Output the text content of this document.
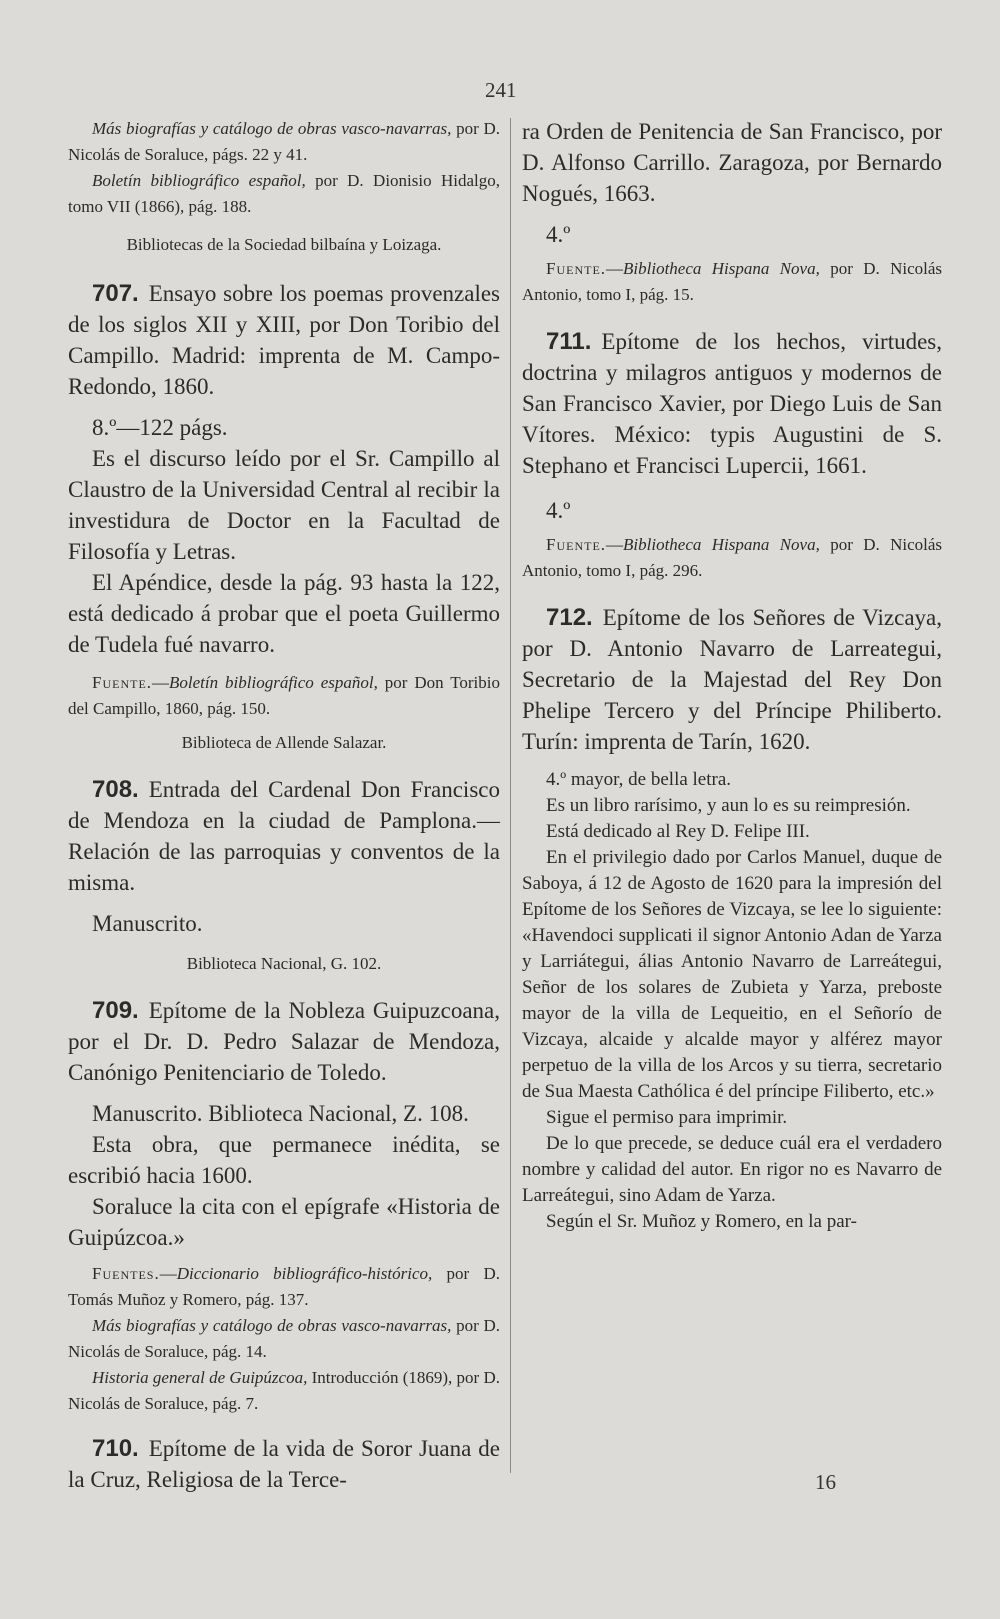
241

Más biografías y catálogo de obras vasco-navarras, por D. Nicolás de Soraluce, págs. 22 y 41.

Boletín bibliográfico español, por D. Dionisio Hidalgo, tomo VII (1866), pág. 188.

Bibliotecas de la Sociedad bilbaína y Loizaga.

707. Ensayo sobre los poemas provenzales de los siglos XII y XIII, por Don Toribio del Campillo. Madrid: imprenta de M. Campo-Redondo, 1860.

8.º—122 págs.

Es el discurso leído por el Sr. Campillo al Claustro de la Universidad Central al recibir la investidura de Doctor en la Facultad de Filosofía y Letras.

El Apéndice, desde la pág. 93 hasta la 122, está dedicado á probar que el poeta Guillermo de Tudela fué navarro.

Fuente.—Boletín bibliográfico español, por Don Toribio del Campillo, 1860, pág. 150.

Biblioteca de Allende Salazar.

708. Entrada del Cardenal Don Francisco de Mendoza en la ciudad de Pamplona.—Relación de las parroquias y conventos de la misma.

Manuscrito.

Biblioteca Nacional, G. 102.

709. Epítome de la Nobleza Guipuzcoana, por el Dr. D. Pedro Salazar de Mendoza, Canónigo Penitenciario de Toledo.

Manuscrito. Biblioteca Nacional, Z. 108.

Esta obra, que permanece inédita, se escribió hacia 1600.

Soraluce la cita con el epígrafe «Historia de Guipúzcoa.»

Fuentes.—Diccionario bibliográfico-histórico, por D. Tomás Muñoz y Romero, pág. 137.

Más biografías y catálogo de obras vasco-navarras, por D. Nicolás de Soraluce, pág. 14.

Historia general de Guipúzcoa, Introducción (1869), por D. Nicolás de Soraluce, pág. 7.

710. Epítome de la vida de Soror Juana de la Cruz, Religiosa de la Terce-

ra Orden de Penitencia de San Francisco, por D. Alfonso Carrillo. Zaragoza, por Bernardo Nogués, 1663.

4.º

Fuente.—Bibliotheca Hispana Nova, por D. Nicolás Antonio, tomo I, pág. 15.

711. Epítome de los hechos, virtudes, doctrina y milagros antiguos y modernos de San Francisco Xavier, por Diego Luis de San Vítores. México: typis Augustini de S. Stephano et Francisci Lupercii, 1661.

4.º

Fuente.—Bibliotheca Hispana Nova, por D. Nicolás Antonio, tomo I, pág. 296.

712. Epítome de los Señores de Vizcaya, por D. Antonio Navarro de Larreategui, Secretario de la Majestad del Rey Don Phelipe Tercero y del Príncipe Philiberto. Turín: imprenta de Tarín, 1620.

4.º mayor, de bella letra.

Es un libro rarísimo, y aun lo es su reimpresión.

Está dedicado al Rey D. Felipe III.

En el privilegio dado por Carlos Manuel, duque de Saboya, á 12 de Agosto de 1620 para la impresión del Epítome de los Señores de Vizcaya, se lee lo siguiente: «Havendoci supplicati il signor Antonio Adan de Yarza y Larriátegui, álias Antonio Navarro de Larreátegui, Señor de los solares de Zubieta y Yarza, preboste mayor de la villa de Lequeitio, en el Señorío de Vizcaya, alcaide y alcalde mayor y alférez mayor perpetuo de la villa de los Arcos y su tierra, secretario de Sua Maesta Cathólica é del príncipe Filiberto, etc.»

Sigue el permiso para imprimir.

De lo que precede, se deduce cuál era el verdadero nombre y calidad del autor. En rigor no es Navarro de Larreátegui, sino Adam de Yarza.

Según el Sr. Muñoz y Romero, en la par-

16
